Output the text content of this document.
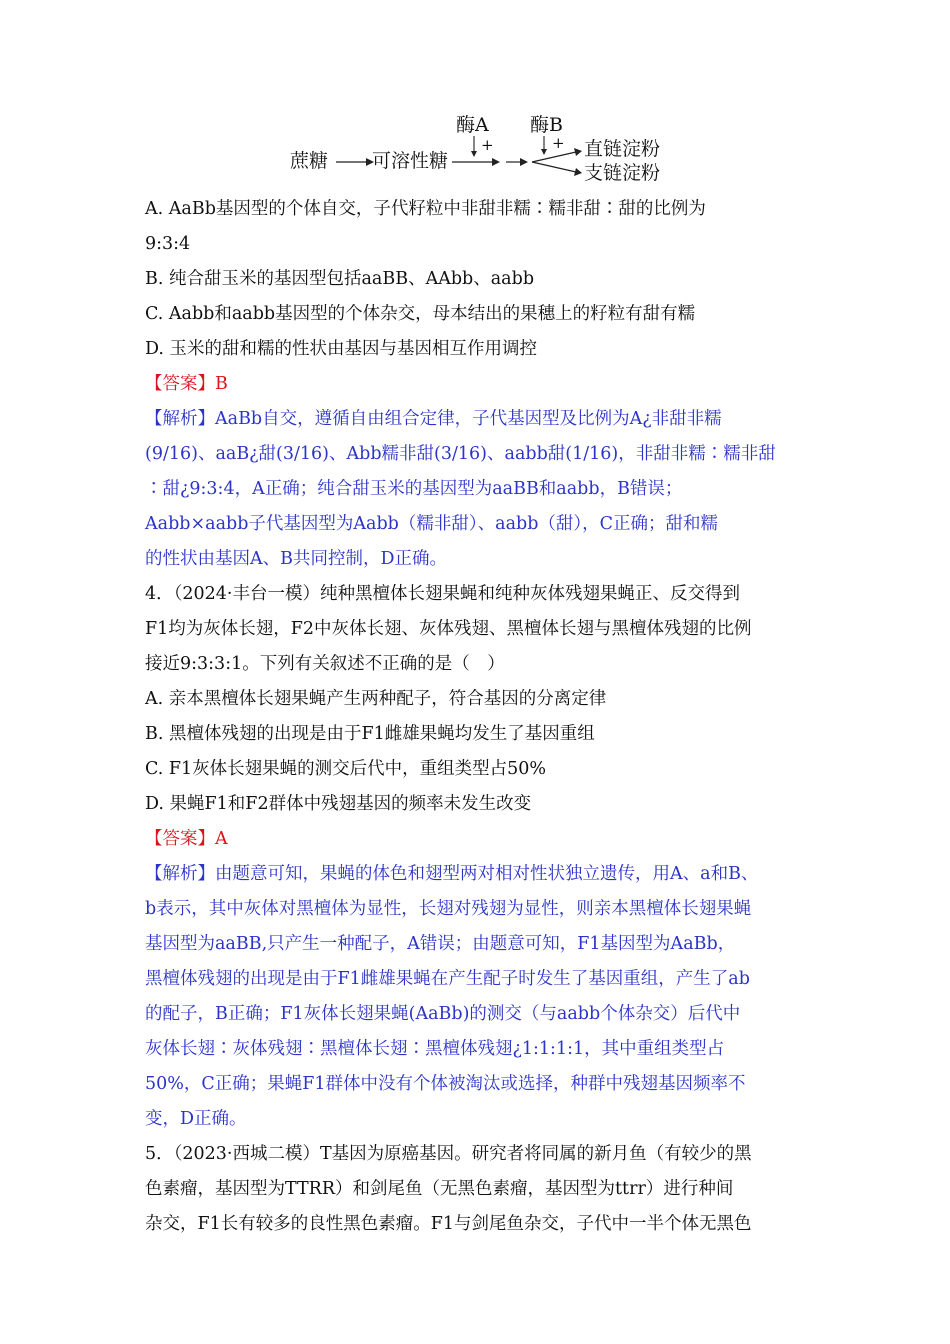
蔗糖 可溶性糖
酶A
+
酶B
+ 直链淀粉
支链淀粉
A. AaBb基因型的个体自交，子代籽粒中非甜非糯∶糯非甜∶甜的比例为
9:3:4
B. 纯合甜玉米的基因型包括aaBB、AAbb、aabb
C. Aabb和aabb基因型的个体杂交，母本结出的果穗上的籽粒有甜有糯
D. 玉米的甜和糯的性状由基因与基因相互作用调控
【答案】B
【解析】AaBb自交，遵循自由组合定律，子代基因型及比例为A¿非甜非糯
(9/16)、aaB¿甜(3/16)、Abb糯非甜(3/16)、aabb甜(1/16)，非甜非糯∶糯非甜
∶甜¿9:3:4，A正确；纯合甜玉米的基因型为aaBB和aabb，B错误；
Aabb×aabb子代基因型为Aabb（糯非甜）、aabb（甜），C正确；甜和糯
的性状由基因A、B共同控制，D正确。
4．（2024·丰台一模）纯种黑檀体长翅果蝇和纯种灰体残翅果蝇正、反交得到
F1均为灰体长翅，F2中灰体长翅、灰体残翅、黑檀体长翅与黑檀体残翅的比例
接近9:3:3:1。下列有关叙述不正确的是（　）
A. 亲本黑檀体长翅果蝇产生两种配子，符合基因的分离定律
B. 黑檀体残翅的出现是由于F1雌雄果蝇均发生了基因重组
C. F1灰体长翅果蝇的测交后代中，重组类型占50%
D. 果蝇F1和F2群体中残翅基因的频率未发生改变
【答案】A
【解析】由题意可知，果蝇的体色和翅型两对相对性状独立遗传，用A、a和B、
b表示，其中灰体对黑檀体为显性，长翅对残翅为显性，则亲本黑檀体长翅果蝇
基因型为aaBB,只产生一种配子，A错误；由题意可知，F1基因型为AaBb，
黑檀体残翅的出现是由于F1雌雄果蝇在产生配子时发生了基因重组，产生了ab
的配子，B正确；F1灰体长翅果蝇(AaBb)的测交（与aabb个体杂交）后代中
灰体长翅∶灰体残翅∶黑檀体长翅∶黑檀体残翅¿1:1:1:1，其中重组类型占
50%，C正确；果蝇F1群体中没有个体被淘汰或选择，种群中残翅基因频率不
变，D正确。
5．（2023·西城二模）T基因为原癌基因。研究者将同属的新月鱼（有较少的黑
色素瘤，基因型为TTRR）和剑尾鱼（无黑色素瘤，基因型为ttrr）进行种间
杂交，F1长有较多的良性黑色素瘤。F1与剑尾鱼杂交，子代中一半个体无黑色
